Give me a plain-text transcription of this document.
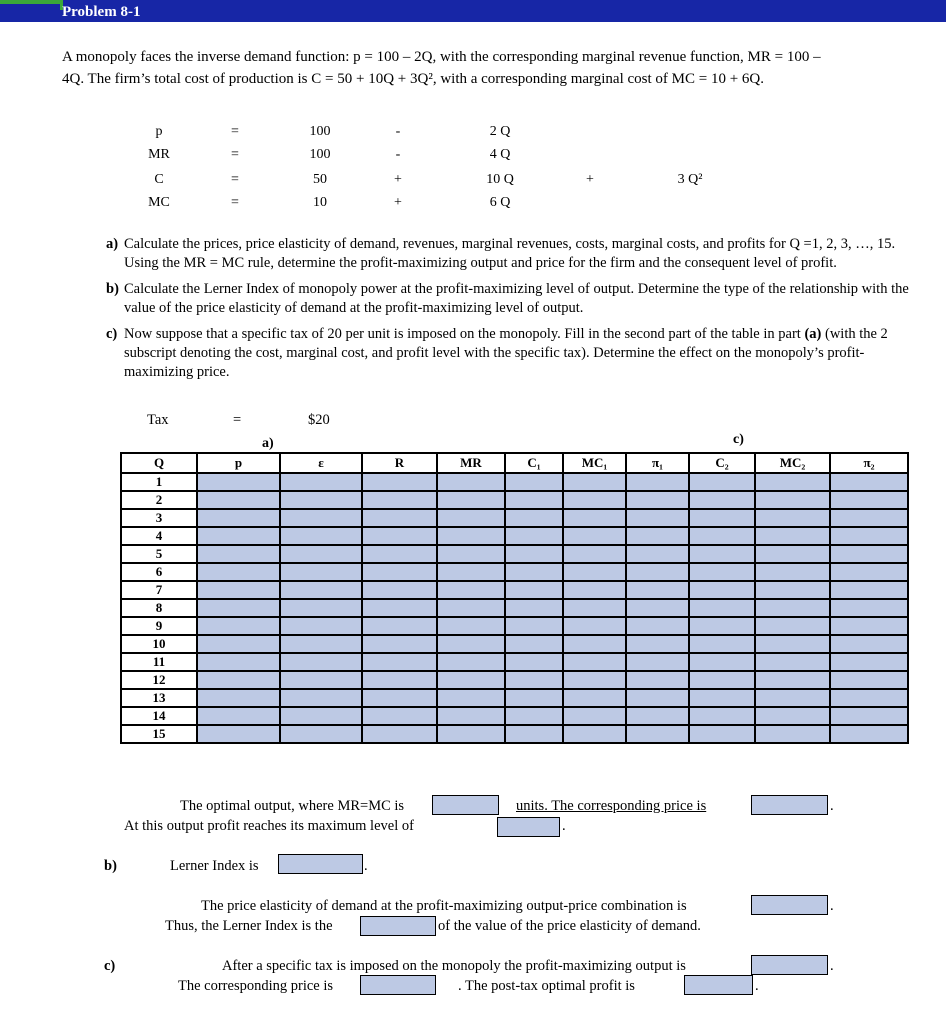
Problem 8-1
A monopoly faces the inverse demand function: p = 100 – 2Q, with the corresponding marginal revenue function, MR = 100 –
4Q. The firm’s total cost of production is C = 50 + 10Q + 3Q², with a corresponding marginal cost of MC = 10 + 6Q.
p	=	100	-	2 Q
MR	=	100	-	4 Q
C	=	50	+	10 Q	+	3 Q²
MC	=	10	+	6 Q
a) Calculate the prices, price elasticity of demand, revenues, marginal revenues, costs, marginal costs, and profits for Q =1, 2, 3, …, 15. Using the MR = MC rule, determine the profit-maximizing output and price for the firm and the consequent level of profit.
b) Calculate the Lerner Index of monopoly power at the profit-maximizing level of output. Determine the type of the relationship with the value of the price elasticity of demand at the profit-maximizing level of output.
c) Now suppose that a specific tax of 20 per unit is imposed on the monopoly. Fill in the second part of the table in part (a) (with the 2 subscript denoting the cost, marginal cost, and profit level with the specific tax). Determine the effect on the monopoly’s profit-maximizing price.
Tax	=	$20
a)	c)
Q	p	ε	R	MR	C₁	MC₁	π₁	C₂	MC₂	π₂
1										
2										
3										
4										
5										
6										
7										
8										
9										
10										
11										
12										
13										
14										
15										
The optimal output, where MR=MC is	units. The corresponding price is	.
At this output profit reaches its maximum level of	.
b)	Lerner Index is	.
The price elasticity of demand at the profit-maximizing output-price combination is	.
Thus, the Lerner Index is the	of the value of the price elasticity of demand.
c)	After a specific tax is imposed on the monopoly the profit-maximizing output is	.
The corresponding price is	. The post-tax optimal profit is	.
